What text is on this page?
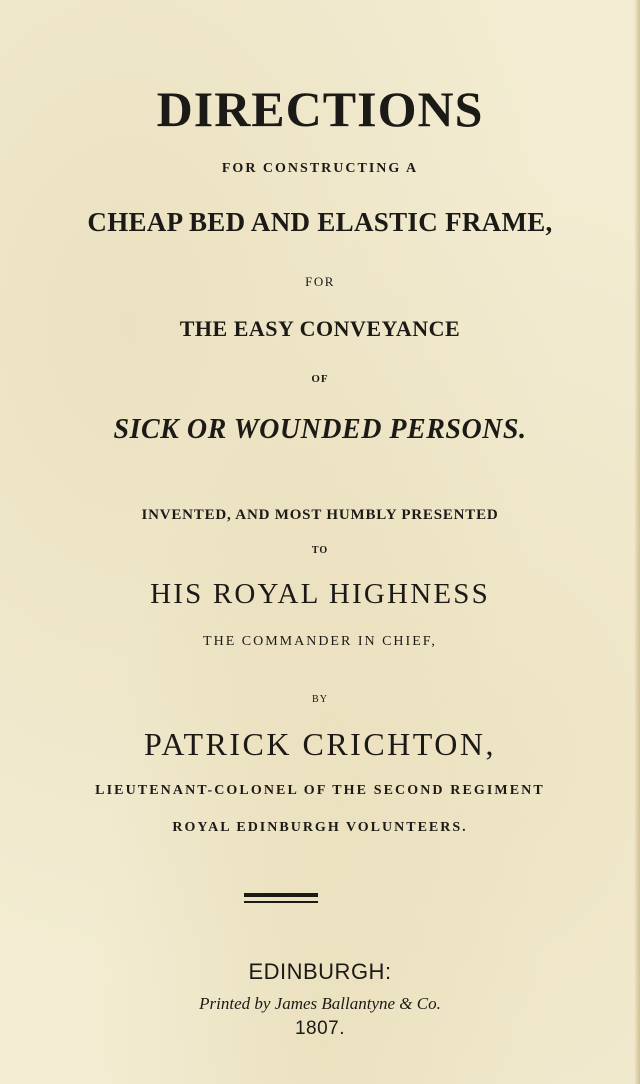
DIRECTIONS
FOR CONSTRUCTING A
CHEAP BED AND ELASTIC FRAME,
FOR
THE EASY CONVEYANCE
OF
SICK OR WOUNDED PERSONS.
INVENTED, AND MOST HUMBLY PRESENTED
TO
HIS ROYAL HIGHNESS
THE COMMANDER IN CHIEF,
BY
PATRICK CRICHTON,
LIEUTENANT-COLONEL OF THE SECOND REGIMENT
ROYAL EDINBURGH VOLUNTEERS.
EDINBURGH:
Printed by James Ballantyne & Co.
1807.
